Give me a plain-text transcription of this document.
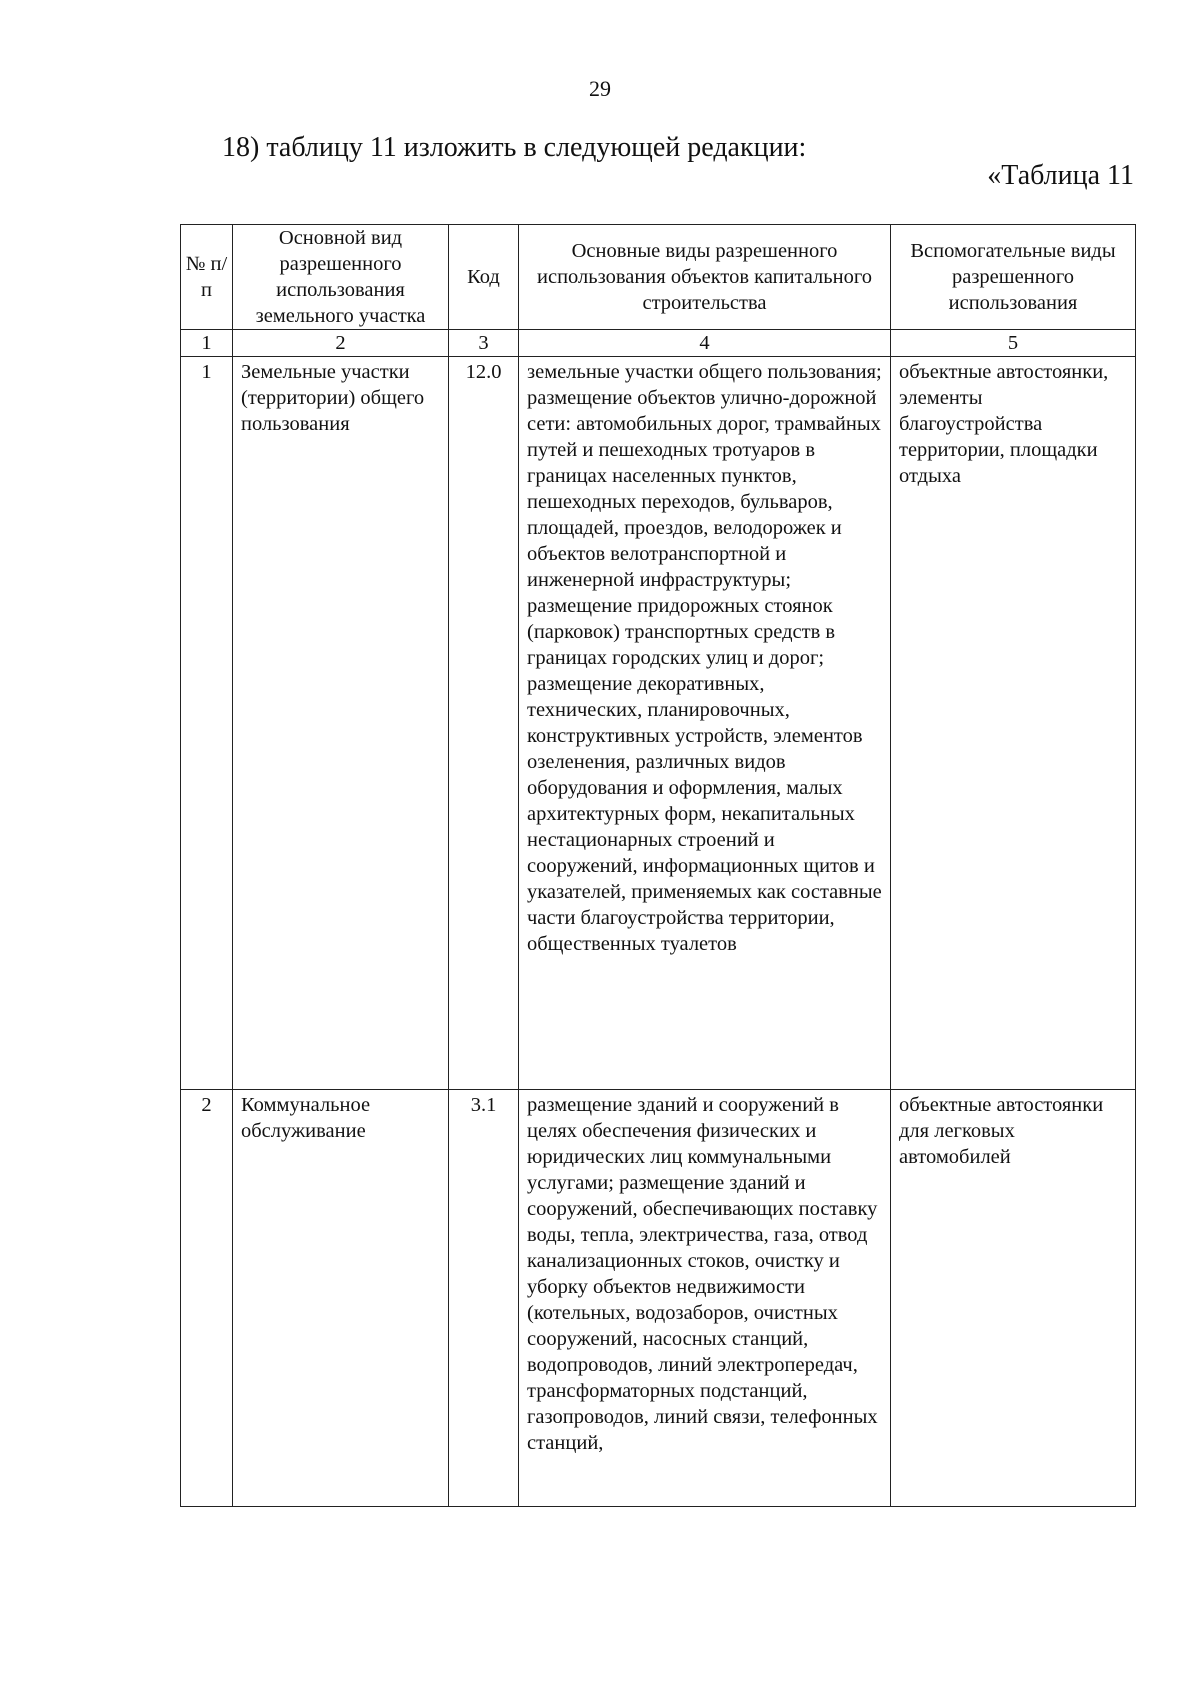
29
18) таблицу 11 изложить в следующей редакции:
«Таблица 11
№ п/п	Основной вид разрешенного использования земельного участка	Код	Основные виды разрешенного использования объектов капитального строительства	Вспомогательные виды разрешенного использования
1	2	3	4	5
1	Земельные участки (территории) общего пользования	12.0	земельные участки общего пользования; размещение объектов улично-дорожной сети: автомобильных дорог, трамвайных путей и пешеходных тротуаров в границах населенных пунктов, пешеходных переходов, бульваров, площадей, проездов, велодорожек и объектов велотранспортной и инженерной инфраструктуры; размещение придорожных стоянок (парковок) транспортных средств в границах городских улиц и дорог; размещение декоративных, технических, планировочных, конструктивных устройств, элементов озеленения, различных видов оборудования и оформления, малых архитектурных форм, некапитальных нестационарных строений и сооружений, информационных щитов и указателей, применяемых как составные части благоустройства территории, общественных туалетов	объектные автостоянки, элементы благоустройства территории, площадки отдыха
2	Коммунальное обслуживание	3.1	размещение зданий и сооружений в целях обеспечения физических и юридических лиц коммунальными услугами; размещение зданий и сооружений, обеспечивающих поставку воды, тепла, электричества, газа, отвод канализационных стоков, очистку и уборку объектов недвижимости (котельных, водозаборов, очистных сооружений, насосных станций, водопроводов, линий электропередач, трансформаторных подстанций, газопроводов, линий связи, телефонных станций,	объектные автостоянки для легковых автомобилей
